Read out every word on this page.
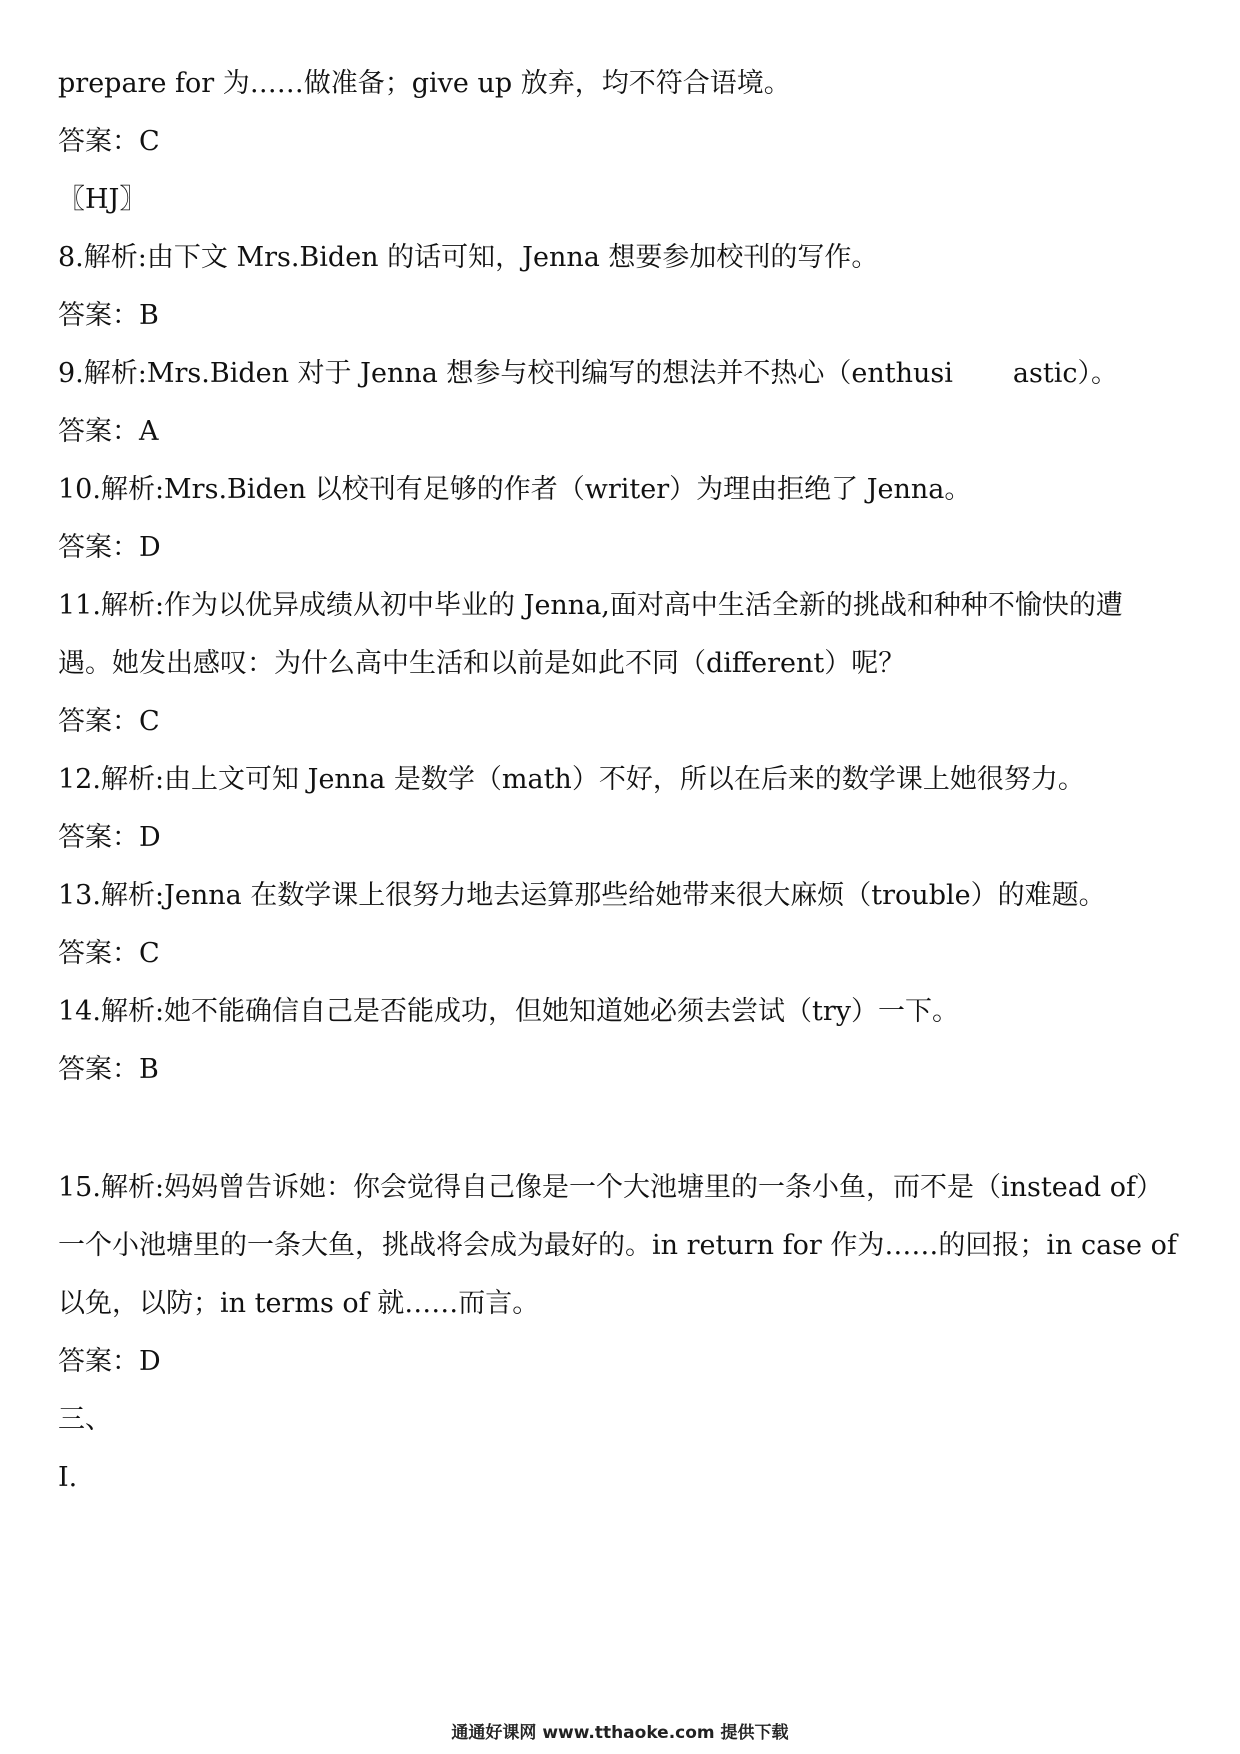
prepare for 为……做准备；give up 放弃，均不符合语境。
答案：C
〖HJ〗
8.解析:由下文 Mrs.Biden 的话可知，Jenna 想要参加校刊的写作。
答案：B
9.解析:Mrs.Biden 对于 Jenna 想参与校刊编写的想法并不热心（enthusi astic）。
答案：A
10.解析:Mrs.Biden 以校刊有足够的作者（writer）为理由拒绝了 Jenna。
答案：D
11.解析:作为以优异成绩从初中毕业的 Jenna,面对高中生活全新的挑战和种种不愉快的遭
遇。她发出感叹：为什么高中生活和以前是如此不同（different）呢？
答案：C
12.解析:由上文可知 Jenna 是数学（math）不好，所以在后来的数学课上她很努力。
答案：D
13.解析:Jenna 在数学课上很努力地去运算那些给她带来很大麻烦（trouble）的难题。
答案：C
14.解析:她不能确信自己是否能成功，但她知道她必须去尝试（try）一下。
答案：B
15.解析:妈妈曾告诉她：你会觉得自己像是一个大池塘里的一条小鱼，而不是（instead of）
一个小池塘里的一条大鱼，挑战将会成为最好的。in return for 作为……的回报；in case of
以免，以防；in terms of 就……而言。
答案：D
三、
Ⅰ.
通通好课网 www.tthaoke.com 提供下载
